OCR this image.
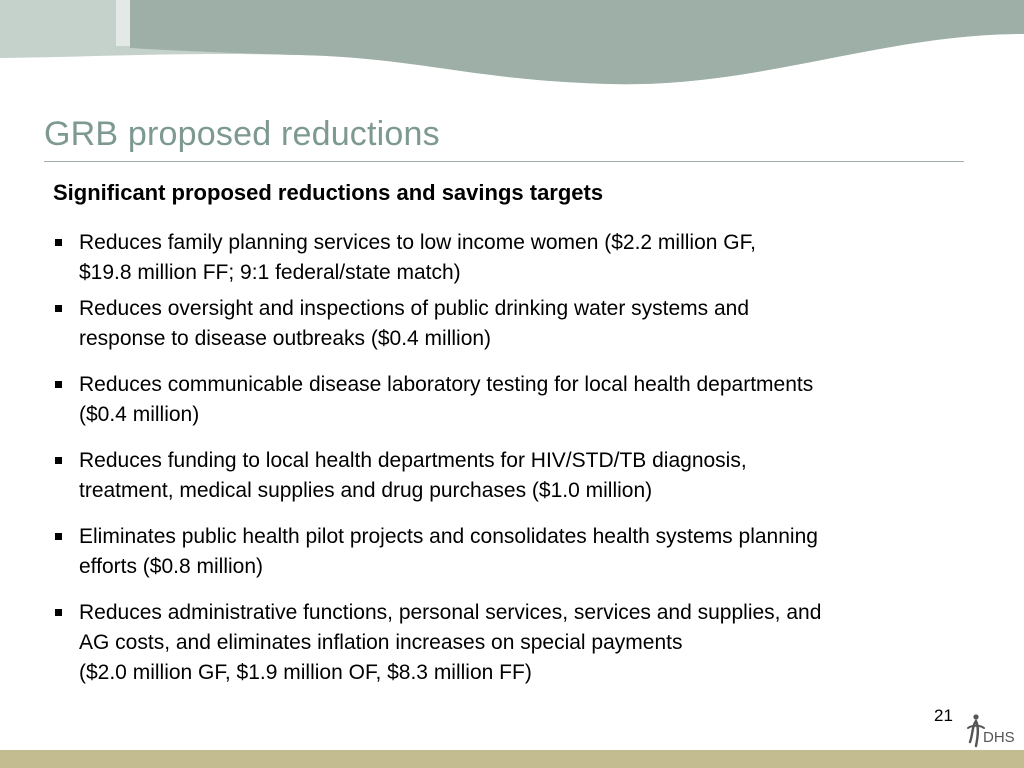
GRB proposed reductions
Significant proposed reductions and savings targets
Reduces family planning services to low income women ($2.2 million GF,
$19.8 million FF; 9:1 federal/state match)
Reduces oversight and inspections of public drinking water systems and
response to disease outbreaks ($0.4 million)
Reduces communicable disease laboratory testing for local health departments
($0.4 million)
Reduces funding to local health departments for HIV/STD/TB diagnosis,
treatment, medical supplies and drug purchases ($1.0 million)
Eliminates public health pilot projects and consolidates health systems planning
efforts ($0.8 million)
Reduces administrative functions, personal services, services and supplies, and
AG costs, and eliminates inflation increases on special payments
($2.0 million GF, $1.9 million OF, $8.3 million FF)
21
DHS
